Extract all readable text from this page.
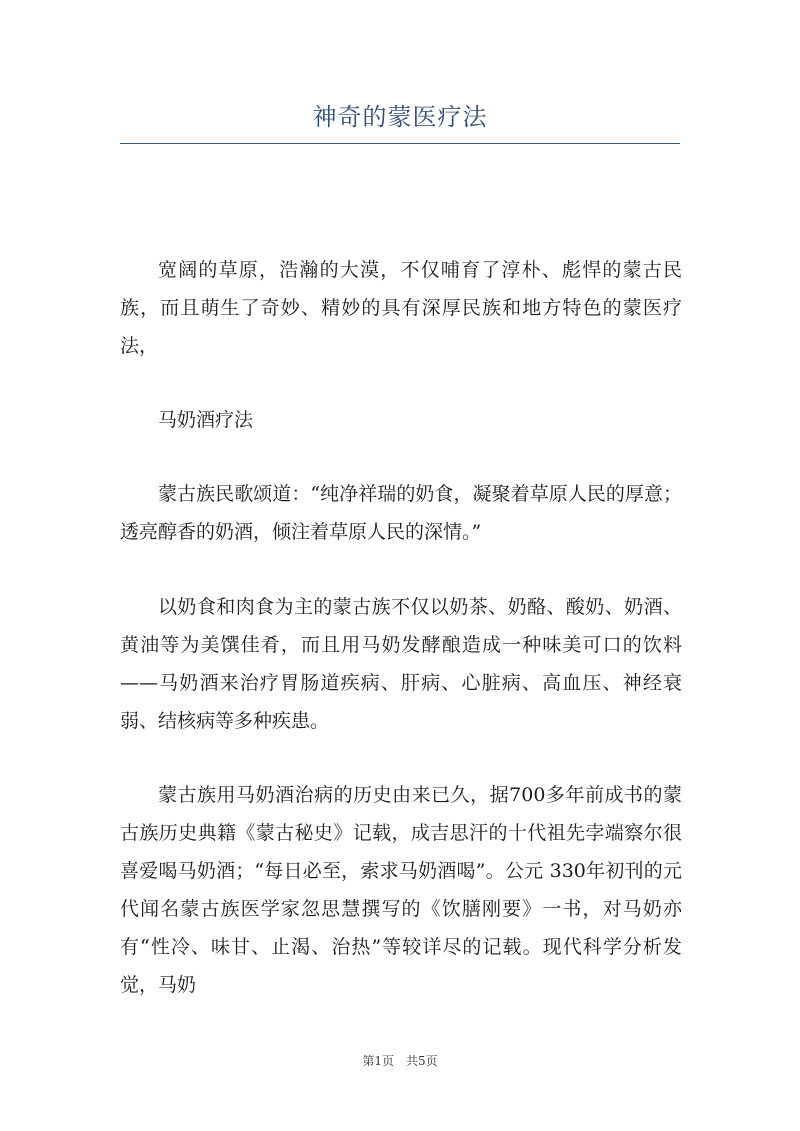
神奇的蒙医疗法

宽阔的草原，浩瀚的大漠，不仅哺育了淳朴、彪悍的蒙古民族，而且萌生了奇妙、精妙的具有深厚民族和地方特色的蒙医疗法，

马奶酒疗法

蒙古族民歌颂道：“纯净祥瑞的奶食，凝聚着草原人民的厚意；透亮醇香的奶酒，倾注着草原人民的深情。”

以奶食和肉食为主的蒙古族不仅以奶茶、奶酪、酸奶、奶酒、黄油等为美馔佳肴，而且用马奶发酵酿造成一种味美可口的饮料——马奶酒来治疗胃肠道疾病、肝病、心脏病、高血压、神经衰弱、结核病等多种疾患。

蒙古族用马奶酒治病的历史由来已久，据700多年前成书的蒙古族历史典籍《蒙古秘史》记载，成吉思汗的十代祖先孛端察尔很喜爱喝马奶酒；“每日必至，索求马奶酒喝”。公元 330年初刊的元代闻名蒙古族医学家忽思慧撰写的《饮膳刚要》一书，对马奶亦有“性冷、味甘、止渴、治热”等较详尽的记载。现代科学分析发觉，马奶

第1页　共5页
